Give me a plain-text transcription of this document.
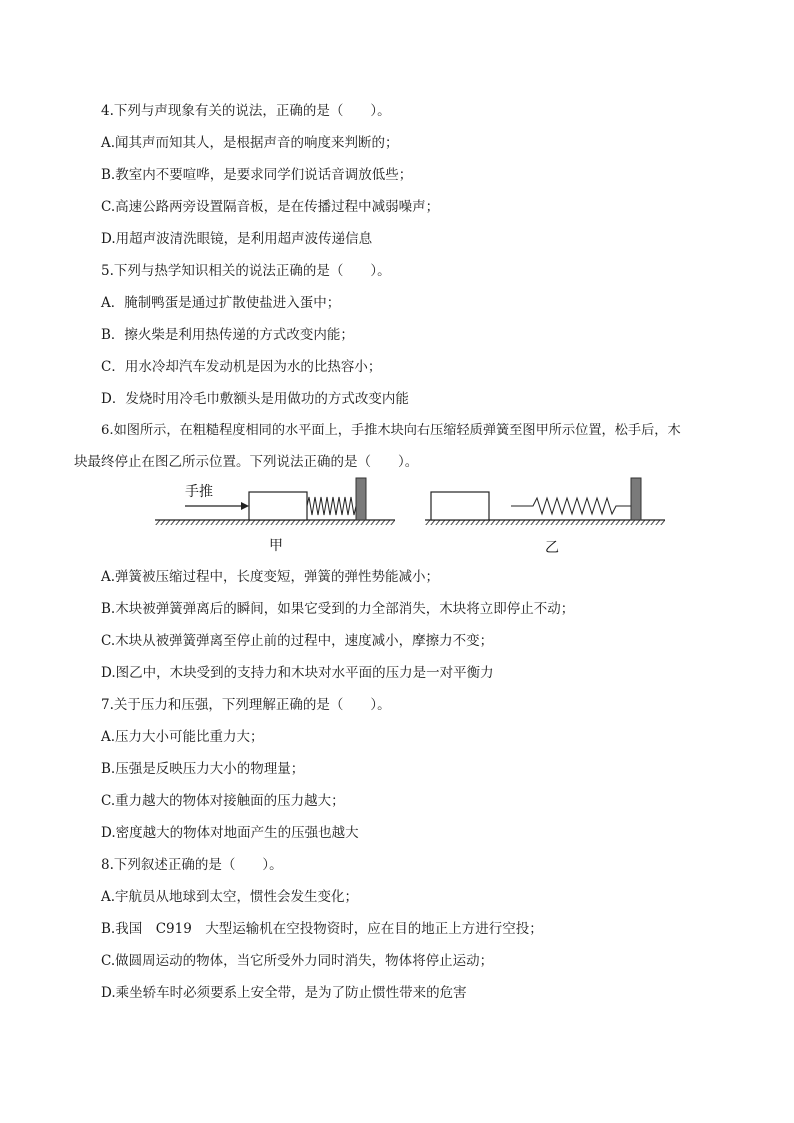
4.下列与声现象有关的说法，正确的是（　　）。
A.闻其声而知其人，是根据声音的响度来判断的；
B.教室内不要喧哗，是要求同学们说话音调放低些；
C.高速公路两旁设置隔音板，是在传播过程中减弱噪声；
D.用超声波清洗眼镜，是利用超声波传递信息
5.下列与热学知识相关的说法正确的是（　　）。
A．腌制鸭蛋是通过扩散使盐进入蛋中；
B．擦火柴是利用热传递的方式改变内能；
C．用水冷却汽车发动机是因为水的比热容小；
D．发烧时用冷毛巾敷额头是用做功的方式改变内能
6.如图所示，在粗糙程度相同的水平面上，手推木块向右压缩轻质弹簧至图甲所示位置，松手后，木
块最终停止在图乙所示位置。下列说法正确的是（　　）。
手推
甲	乙
A.弹簧被压缩过程中，长度变短，弹簧的弹性势能减小；
B.木块被弹簧弹离后的瞬间，如果它受到的力全部消失，木块将立即停止不动；
C.木块从被弹簧弹离至停止前的过程中，速度减小，摩擦力不变；
D.图乙中，木块受到的支持力和木块对水平面的压力是一对平衡力
7.关于压力和压强，下列理解正确的是（　　）。
A.压力大小可能比重力大；
B.压强是反映压力大小的物理量；
C.重力越大的物体对接触面的压力越大；
D.密度越大的物体对地面产生的压强也越大
8.下列叙述正确的是（　　）。
A.宇航员从地球到太空，惯性会发生变化；
B.我国　C919　大型运输机在空投物资时，应在目的地正上方进行空投；
C.做圆周运动的物体，当它所受外力同时消失，物体将停止运动；
D.乘坐轿车时必须要系上安全带，是为了防止惯性带来的危害
